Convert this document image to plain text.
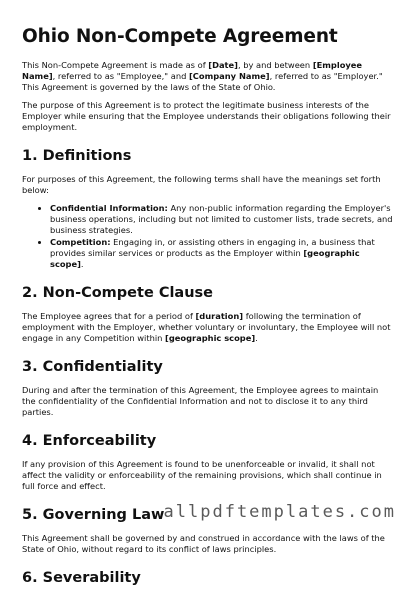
Ohio Non-Compete Agreement

This Non-Compete Agreement is made as of [Date], by and between [Employee Name], referred to as "Employee," and [Company Name], referred to as "Employer." This Agreement is governed by the laws of the State of Ohio.

The purpose of this Agreement is to protect the legitimate business interests of the Employer while ensuring that the Employee understands their obligations following their employment.

1. Definitions

For purposes of this Agreement, the following terms shall have the meanings set forth below:

• Confidential Information: Any non-public information regarding the Employer's business operations, including but not limited to customer lists, trade secrets, and business strategies.
• Competition: Engaging in, or assisting others in engaging in, a business that provides similar services or products as the Employer within [geographic scope].
2. Non-Compete Clause

The Employee agrees that for a period of [duration] following the termination of employment with the Employer, whether voluntary or involuntary, the Employee will not engage in any Competition within [geographic scope].

3. Confidentiality

During and after the termination of this Agreement, the Employee agrees to maintain the confidentiality of the Confidential Information and not to disclose it to any third parties.

4. Enforceability

If any provision of this Agreement is found to be unenforceable or invalid, it shall not affect the validity or enforceability of the remaining provisions, which shall continue in full force and effect.

5. Governing Law

This Agreement shall be governed by and construed in accordance with the laws of the State of Ohio, without regard to its conflict of laws principles.

6. Severability
allpdftemplates.com
